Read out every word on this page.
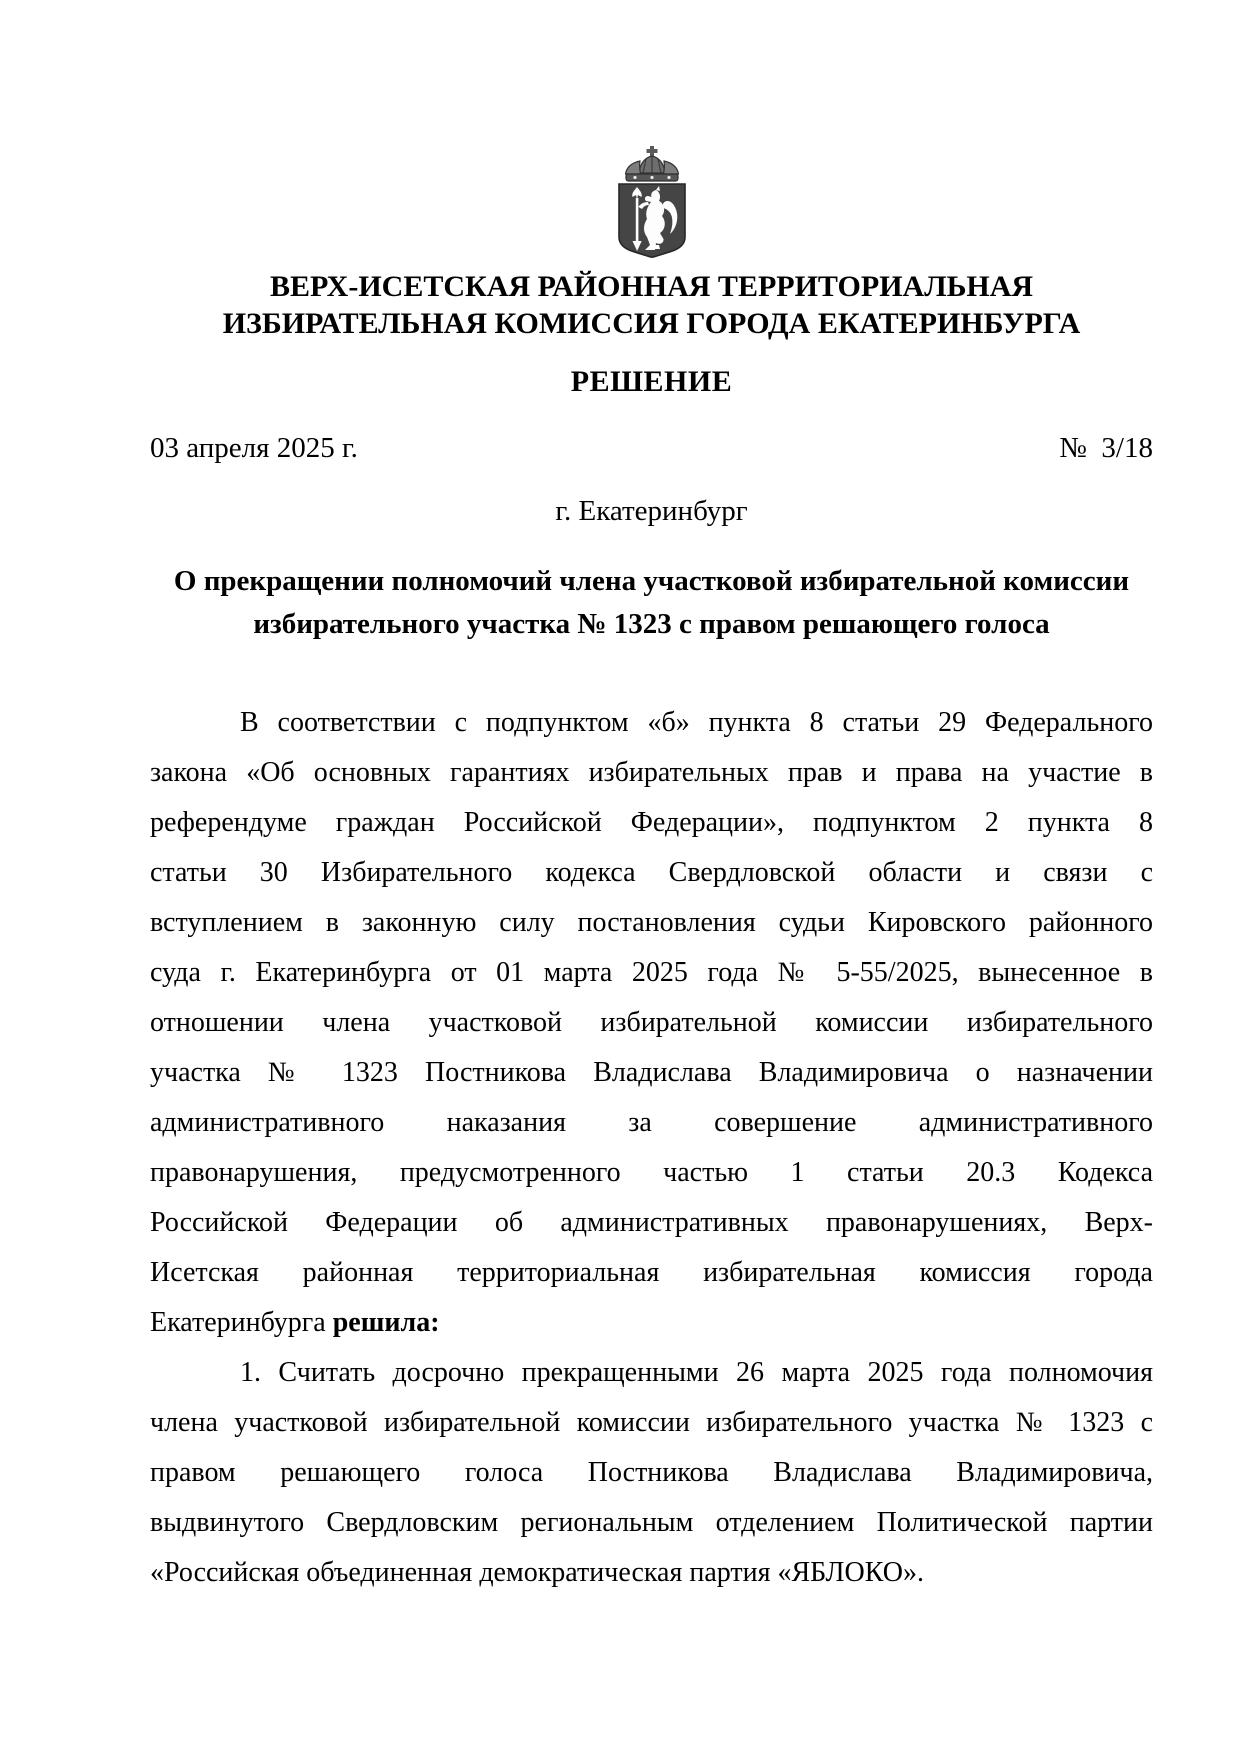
ВЕРХ-ИСЕТСКАЯ РАЙОННАЯ ТЕРРИТОРИАЛЬНАЯ
ИЗБИРАТЕЛЬНАЯ КОМИССИЯ ГОРОДА ЕКАТЕРИНБУРГА
РЕШЕНИЕ
03 апреля 2025 г.	№  3/18
г. Екатеринбург
О прекращении полномочий члена участковой избирательной комиссии
избирательного участка № 1323 с правом решающего голоса
В соответствии с подпунктом «б» пункта 8 статьи 29 Федерального
закона «Об основных гарантиях избирательных прав и права на участие в
референдуме граждан Российской Федерации», подпунктом 2 пункта 8
статьи 30 Избирательного кодекса Свердловской области и связи с
вступлением в законную силу постановления судьи Кировского районного
суда г. Екатеринбурга от 01 марта 2025 года № 5-55/2025, вынесенное в
отношении члена участковой избирательной комиссии избирательного
участка № 1323 Постникова Владислава Владимировича о назначении
административного наказания за совершение административного
правонарушения, предусмотренного частью 1 статьи 20.3 Кодекса
Российской Федерации об административных правонарушениях, Верх-
Исетская районная территориальная избирательная комиссия города
Екатеринбурга решила:
1. Считать досрочно прекращенными 26 марта 2025 года полномочия
члена участковой избирательной комиссии избирательного участка № 1323 с
правом решающего голоса Постникова Владислава Владимировича,
выдвинутого Свердловским региональным отделением Политической партии
«Российская объединенная демократическая партия «ЯБЛОКО».
